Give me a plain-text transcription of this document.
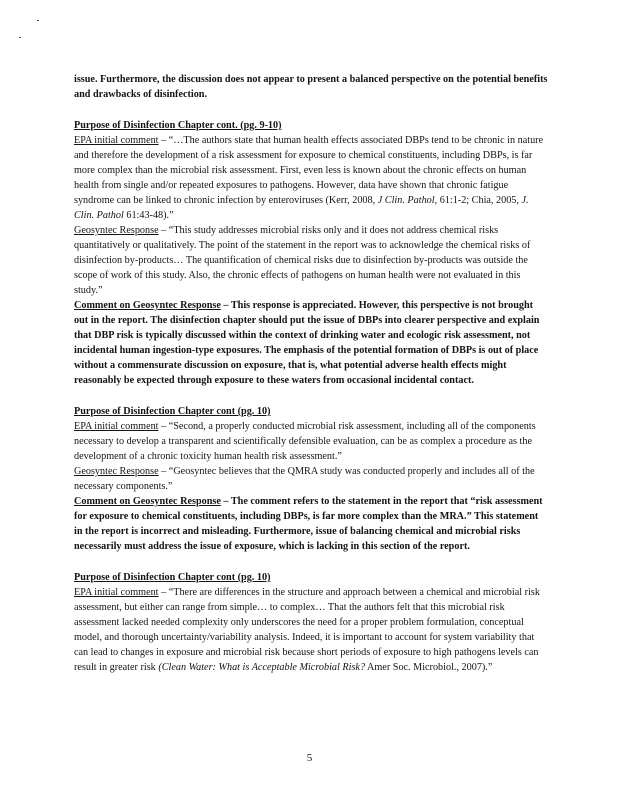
issue. Furthermore, the discussion does not appear to present a balanced perspective on the potential benefits and drawbacks of disinfection.

Purpose of Disinfection Chapter cont. (pg. 9-10)

EPA initial comment – “…The authors state that human health effects associated DBPs tend to be chronic in nature and therefore the development of a risk assessment for exposure to chemical constituents, including DBPs, is far more complex than the microbial risk assessment. First, even less is known about the chronic effects on human health from single and/or repeated exposures to pathogens. However, data have shown that chronic fatigue syndrome can be linked to chronic infection by enteroviruses (Kerr, 2008, J Clin. Pathol, 61:1-2; Chia, 2005, J. Clin. Pathol 61:43-48).”

Geosyntec Response – “This study addresses microbial risks only and it does not address chemical risks quantitatively or qualitatively. The point of the statement in the report was to acknowledge the chemical risks of disinfection by-products… The quantification of chemical risks due to disinfection by-products was outside the scope of work of this study. Also, the chronic effects of pathogens on human health were not evaluated in this study.”

Comment on Geosyntec Response – This response is appreciated. However, this perspective is not brought out in the report. The disinfection chapter should put the issue of DBPs into clearer perspective and explain that DBP risk is typically discussed within the context of drinking water and ecologic risk assessment, not incidental human ingestion-type exposures. The emphasis of the potential formation of DBPs is out of place without a commensurate discussion on exposure, that is, what potential adverse health effects might reasonably be expected through exposure to these waters from occasional incidental contact.

Purpose of Disinfection Chapter cont (pg. 10)

EPA initial comment – “Second, a properly conducted microbial risk assessment, including all of the components necessary to develop a transparent and scientifically defensible evaluation, can be as complex a procedure as the development of a chronic toxicity human health risk assessment.”

Geosyntec Response – “Geosyntec believes that the QMRA study was conducted properly and includes all of the necessary components.”

Comment on Geosyntec Response – The comment refers to the statement in the report that “risk assessment for exposure to chemical constituents, including DBPs, is far more complex than the MRA.” This statement in the report is incorrect and misleading. Furthermore, issue of balancing chemical and microbial risks necessarily must address the issue of exposure, which is lacking in this section of the report.

Purpose of Disinfection Chapter cont (pg. 10)

EPA initial comment – “There are differences in the structure and approach between a chemical and microbial risk assessment, but either can range from simple… to complex… That the authors felt that this microbial risk assessment lacked needed complexity only underscores the need for a proper problem formulation, conceptual model, and thorough uncertainty/variability analysis. Indeed, it is important to account for system variability that can lead to changes in exposure and microbial risk because short periods of exposure to high pathogens levels can result in greater risk (Clean Water: What is Acceptable Microbial Risk? Amer Soc. Microbiol., 2007).”

5
